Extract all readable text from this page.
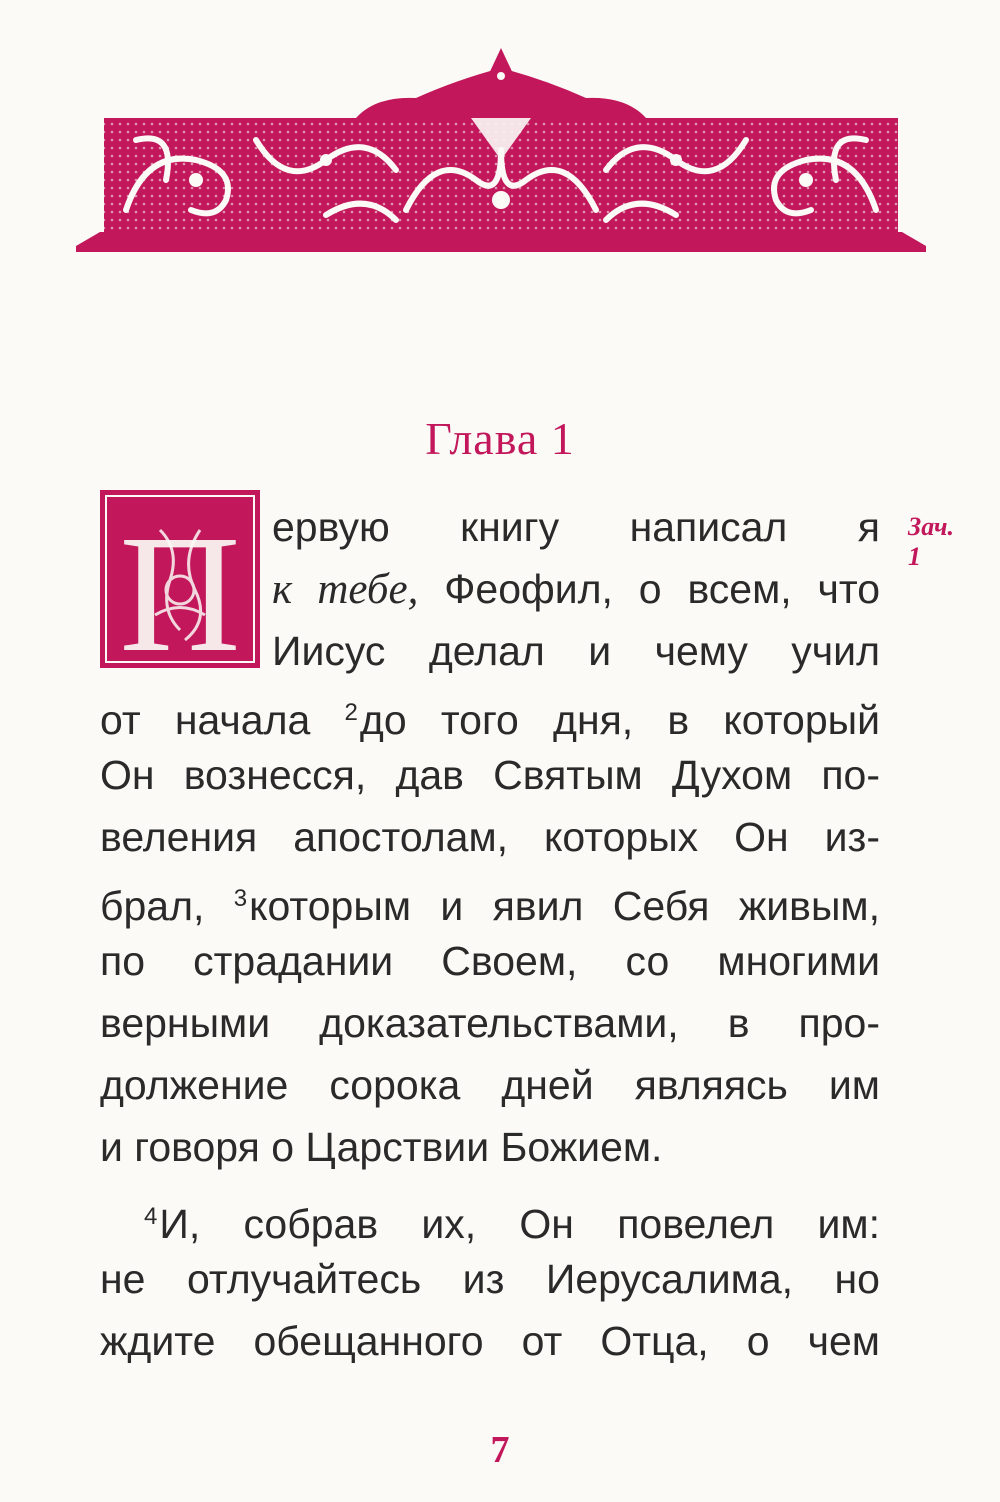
Глава 1
П	Зач.
1
ервую книгу написал я
к тебе, Феофил, о всем, что
Иисус делал и чему учил
от начала $^2$до того дня, в который
Он вознесся, дав Святым Духом по-
веления апостолам, которых Он из-
брал, $^3$которым и явил Себя живым,
по страдании Своем, со многими
верными доказательствами, в про-
должение сорока дней являясь им
и говоря о Царствии Божием.
$^4$И, собрав их, Он повелел им:
не отлучайтесь из Иерусалима, но
ждите обещанного от Отца, о чем
7
